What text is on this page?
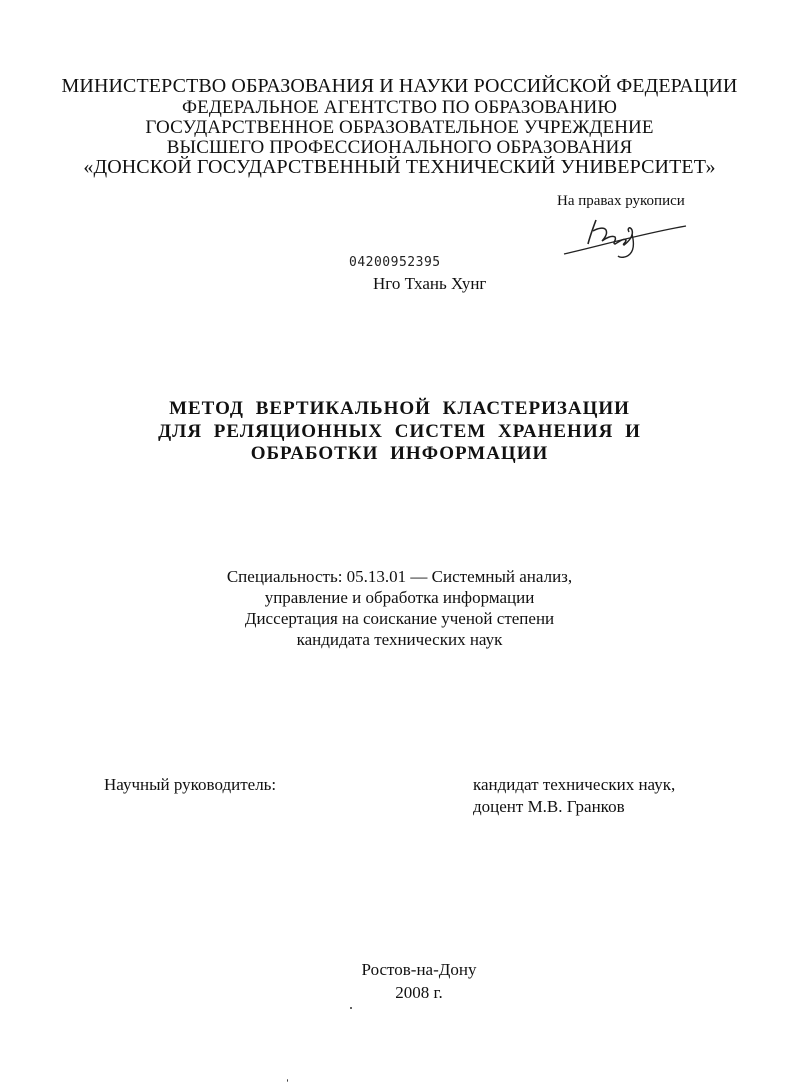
МИНИСТЕРСТВО ОБРАЗОВАНИЯ И НАУКИ РОССИЙСКОЙ ФЕДЕРАЦИИ
ФЕДЕРАЛЬНОЕ АГЕНТСТВО ПО ОБРАЗОВАНИЮ
ГОСУДАРСТВЕННОЕ ОБРАЗОВАТЕЛЬНОЕ УЧРЕЖДЕНИЕ
ВЫСШЕГО ПРОФЕССИОНАЛЬНОГО ОБРАЗОВАНИЯ
«ДОНСКОЙ ГОСУДАРСТВЕННЫЙ ТЕХНИЧЕСКИЙ УНИВЕРСИТЕТ»
На правах рукописи
04200952395
Нго Тхань Хунг
МЕТОД ВЕРТИКАЛЬНОЙ КЛАСТЕРИЗАЦИИ
ДЛЯ РЕЛЯЦИОННЫХ СИСТЕМ ХРАНЕНИЯ И
ОБРАБОТКИ ИНФОРМАЦИИ
Специальность: 05.13.01 — Системный анализ,
управление и обработка информации
Диссертация на соискание ученой степени
кандидата технических наук
Научный руководитель:	кандидат технических наук,
доцент М.В. Гранков
Ростов-на-Дону
2008 г.
